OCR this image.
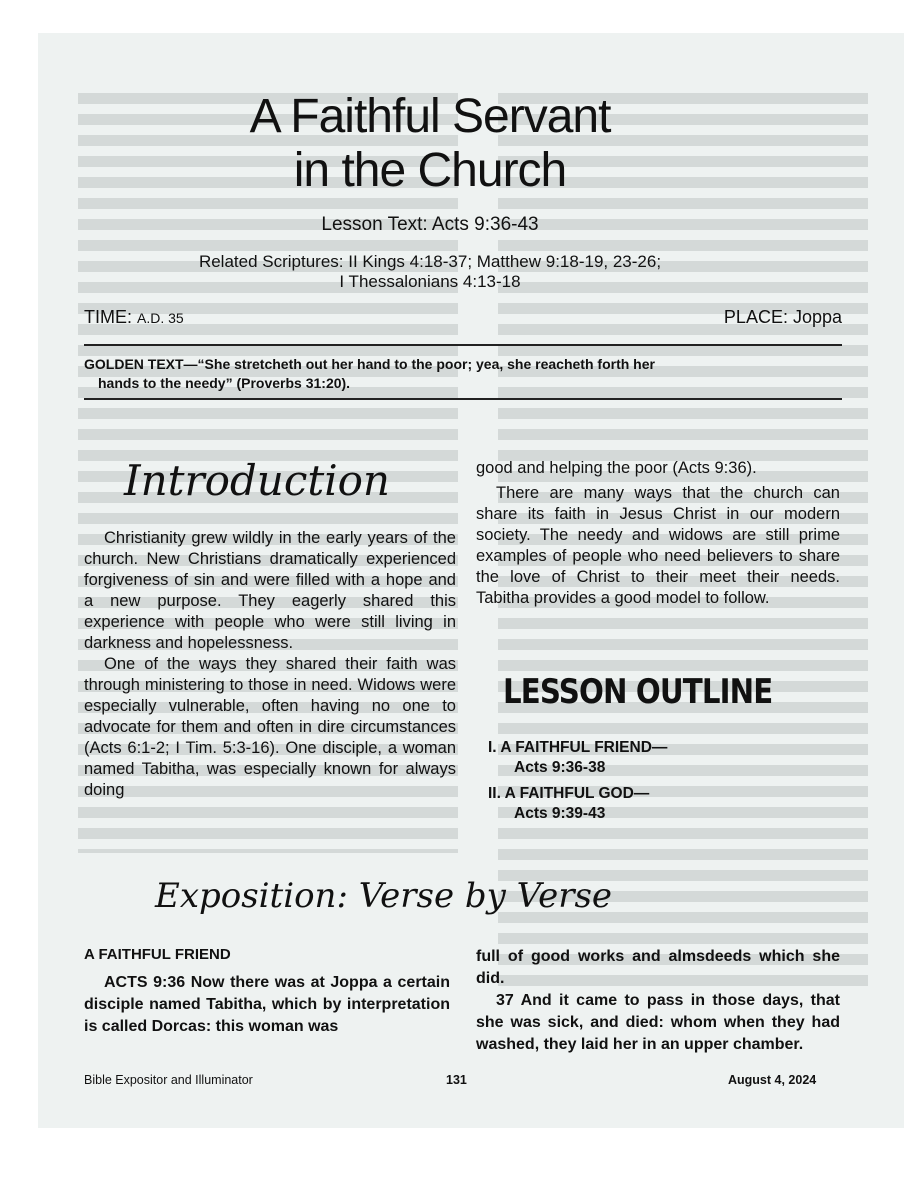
A Faithful Servant
in the Church
Lesson Text: Acts 9:36-43
Related Scriptures: II Kings 4:18-37; Matthew 9:18-19, 23-26;
I Thessalonians 4:13-18
TIME: A.D. 35	PLACE: Joppa
GOLDEN TEXT—“She stretcheth out her hand to the poor; yea, she reacheth forth her
hands to the needy” (Proverbs 31:20).
Introduction

Christianity grew wildly in the early years of the church. New Christians dramatically experienced forgiveness of sin and were filled with a hope and a new purpose. They eagerly shared this experience with people who were still living in darkness and hopelessness.

One of the ways they shared their faith was through ministering to those in need. Widows were especially vulnerable, often having no one to advocate for them and often in dire circumstances (Acts 6:1-2; I Tim. 5:3-16). One disciple, a woman named Tabitha, was especially known for always doing

good and helping the poor (Acts 9:36).

There are many ways that the church can share its faith in Jesus Christ in our modern society. The needy and widows are still prime examples of people who need believers to share the love of Christ to their meet their needs. Tabitha provides a good model to follow.

LESSON OUTLINE
I. A FAITHFUL FRIEND—
Acts 9:36-38
II. A FAITHFUL GOD—
Acts 9:39-43
Exposition: Verse by Verse
A FAITHFUL FRIEND

ACTS 9:36 Now there was at Joppa a certain disciple named Tabitha, which by interpretation is called Dorcas: this woman was

full of good works and almsdeeds which she did.

37 And it came to pass in those days, that she was sick, and died: whom when they had washed, they laid her in an upper chamber.

Bible Expositor and Illuminator	131	August 4, 2024
